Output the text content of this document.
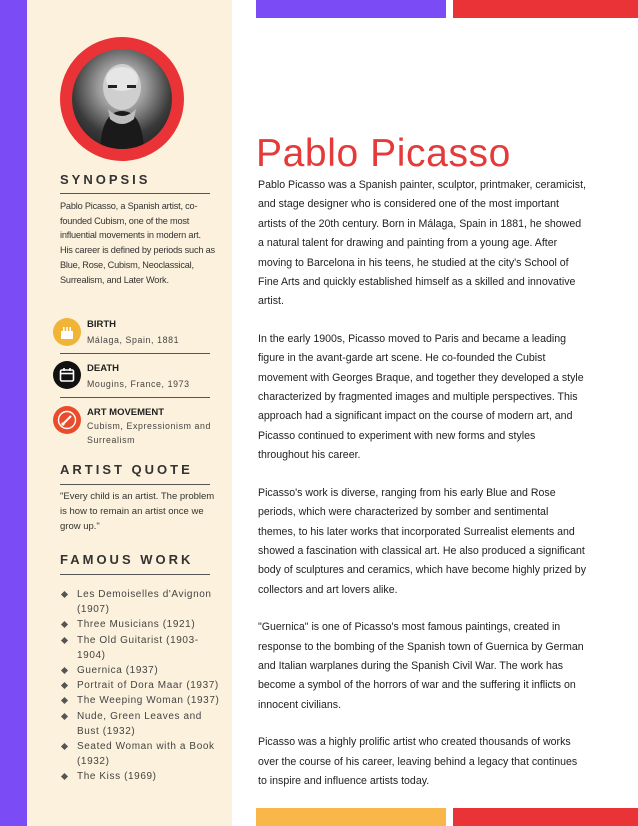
SYNOPSIS
Pablo Picasso, a Spanish artist, co-founded Cubism, one of the most influential movements in modern art. His career is defined by periods such as Blue, Rose, Cubism, Neoclassical, Surrealism, and Later Work.
BIRTH
Málaga, Spain, 1881
DEATH
Mougins, France, 1973
ART MOVEMENT
Cubism, Expressionism and Surrealism
ARTIST QUOTE
"Every child is an artist. The problem is how to remain an artist once we grow up."
FAMOUS WORK
Les Demoiselles d'Avignon (1907)
Three Musicians (1921)
The Old Guitarist (1903-1904)
Guernica (1937)
Portrait of Dora Maar (1937)
The Weeping Woman (1937)
Nude, Green Leaves and Bust (1932)
Seated Woman with a Book (1932)
The Kiss (1969)
Pablo Picasso

Pablo Picasso was a Spanish painter, sculptor, printmaker, ceramicist, and stage designer who is considered one of the most important artists of the 20th century. Born in Málaga, Spain in 1881, he showed a natural talent for drawing and painting from a young age. After moving to Barcelona in his teens, he studied at the city's School of Fine Arts and quickly established himself as a skilled and innovative artist.

In the early 1900s, Picasso moved to Paris and became a leading figure in the avant-garde art scene. He co-founded the Cubist movement with Georges Braque, and together they developed a style characterized by fragmented images and multiple perspectives. This approach had a significant impact on the course of modern art, and Picasso continued to experiment with new forms and styles throughout his career.

Picasso's work is diverse, ranging from his early Blue and Rose periods, which were characterized by somber and sentimental themes, to his later works that incorporated Surrealist elements and showed a fascination with classical art. He also produced a significant body of sculptures and ceramics, which have become highly prized by collectors and art lovers alike.

"Guernica" is one of Picasso's most famous paintings, created in response to the bombing of the Spanish town of Guernica by German and Italian warplanes during the Spanish Civil War. The work has become a symbol of the horrors of war and the suffering it inflicts on innocent civilians.

Picasso was a highly prolific artist who created thousands of works over the course of his career, leaving behind a legacy that continues to inspire and influence artists today.
